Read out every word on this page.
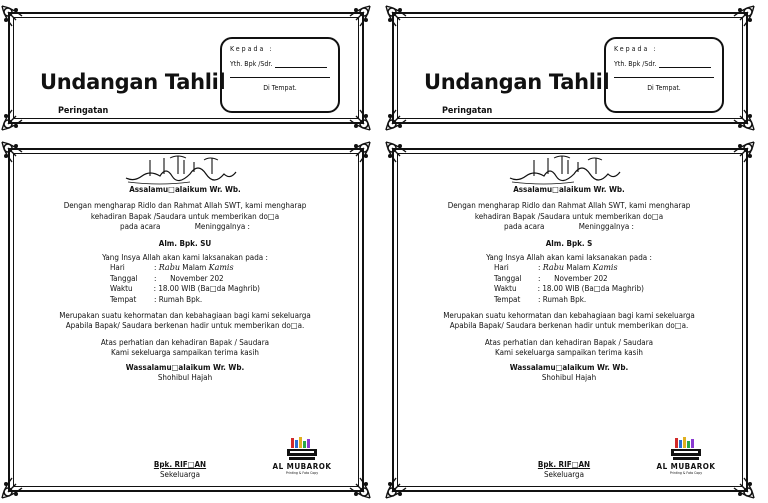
Undangan Tahlil
Peringatan
Kepada :
Yth. Bpk /Sdr.
Di Tempat.

Assalamu□alaikum Wr. Wb.

Dengan mengharap Ridlo dan Rahmat Allah SWT, kami mengharap

kehadiran Bapak /Saudara untuk memberikan do□a

pada acara               Meninggalnya :

Alm. Bpk. SU

Yang Insya Allah akan kami laksanakan pada :

Hari	: Rabu Malam Kamis
Tanggal	:      November 202
Waktu	: 18.00 WIB (Ba□da Maghrib)
Tempat	: Rumah Bpk.

Merupakan suatu kehormatan dan kebahagiaan bagi kami sekeluarga

Apabila Bapak/ Saudara berkenan hadir untuk memberikan do□a.

Atas perhatian dan kehadiran Bapak / Saudara

Kami sekeluarga sampaikan terima kasih

Wassalamu□alaikum Wr. Wb.

Shohibul Hajah

Bpk. RIF□AN
Sekeluarga
AL MUBAROK
Printing & Foto Copy
Undangan Tahlil
Peringatan
Kepada :
Yth. Bpk /Sdr.
Di Tempat.

Assalamu□alaikum Wr. Wb.

Dengan mengharap Ridlo dan Rahmat Allah SWT, kami mengharap

kehadiran Bapak /Saudara untuk memberikan do□a

pada acara               Meninggalnya :

Alm. Bpk. S

Yang Insya Allah akan kami laksanakan pada :

Hari	: Rabu Malam Kamis
Tanggal	:      November 202
Waktu	: 18.00 WIB (Ba□da Maghrib)
Tempat	: Rumah Bpk.

Merupakan suatu kehormatan dan kebahagiaan bagi kami sekeluarga

Apabila Bapak/ Saudara berkenan hadir untuk memberikan do□a.

Atas perhatian dan kehadiran Bapak / Saudara

Kami sekeluarga sampaikan terima kasih

Wassalamu□alaikum Wr. Wb.

Shohibul Hajah

Bpk. RIF□AN
Sekeluarga
AL MUBAROK
Printing & Foto Copy
